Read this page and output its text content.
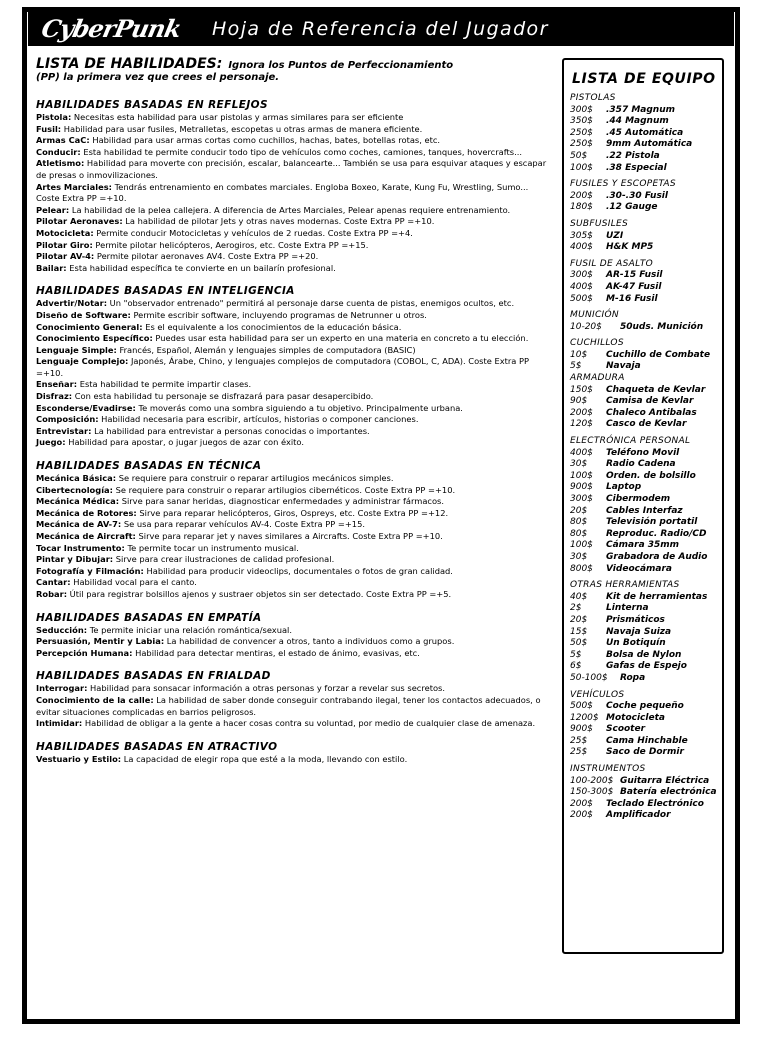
CyberPunk Hoja de Referencia del Jugador
LISTA DE HABILIDADES: Ignora los Puntos de Perfeccionamiento
(PP) la primera vez que crees el personaje.
HABILIDADES BASADAS EN REFLEJOS
Pistola: Necesitas esta habilidad para usar pistolas y armas similares para ser eficiente
Fusil: Habilidad para usar fusiles, Metralletas, escopetas u otras armas de manera eficiente.
Armas CaC: Habilidad para usar armas cortas como cuchillos, hachas, bates, botellas rotas, etc.
Conducir: Esta habilidad te permite conducir todo tipo de vehículos como coches, camiones, tanques, hovercrafts...
Atletismo: Habilidad para moverte con precisión, escalar, balancearte... También se usa para esquivar ataques y escapar de presas o inmovilizaciones.
Artes Marciales: Tendrás entrenamiento en combates marciales. Engloba Boxeo, Karate, Kung Fu, Wrestling, Sumo... Coste Extra PP =+10.
Pelear: La habilidad de la pelea callejera. A diferencia de Artes Marciales, Pelear apenas requiere entrenamiento.
Pilotar Aeronaves: La habilidad de pilotar Jets y otras naves modernas. Coste Extra PP =+10.
Motocicleta: Permite conducir Motocicletas y vehículos de 2 ruedas. Coste Extra PP =+4.
Pilotar Giro: Permite pilotar helicópteros, Aerogiros, etc. Coste Extra PP =+15.
Pilotar AV-4: Permite pilotar aeronaves AV4. Coste Extra PP =+20.
Bailar: Esta habilidad específica te convierte en un bailarín profesional.
HABILIDADES BASADAS EN INTELIGENCIA
Advertir/Notar: Un "observador entrenado" permitirá al personaje darse cuenta de pistas, enemigos ocultos, etc.
Diseño de Software: Permite escribir software, incluyendo programas de Netrunner u otros.
Conocimiento General: Es el equivalente a los conocimientos de la educación básica.
Conocimiento Específico: Puedes usar esta habilidad para ser un experto en una materia en concreto a tu elección.
Lenguaje Simple: Francés, Español, Alemán y lenguajes simples de computadora (BASIC)
Lenguaje Complejo: Japonés, Árabe, Chino, y lenguajes complejos de computadora (COBOL, C, ADA). Coste Extra PP =+10.
Enseñar: Esta habilidad te permite impartir clases.
Disfraz: Con esta habilidad tu personaje se disfrazará para pasar desapercibido.
Esconderse/Evadirse: Te moverás como una sombra siguiendo a tu objetivo. Principalmente urbana.
Composición: Habilidad necesaria para escribir, artículos, historias o componer canciones.
Entrevistar: La habilidad para entrevistar a personas conocidas o importantes.
Juego: Habilidad para apostar, o jugar juegos de azar con éxito.
HABILIDADES BASADAS EN TÉCNICA
Mecánica Básica: Se requiere para construir o reparar artilugios mecánicos simples.
Cibertecnología: Se requiere para construir o reparar artilugios cibernéticos. Coste Extra PP =+10.
Mecánica Médica: Sirve para sanar heridas, diagnosticar enfermedades y administrar fármacos.
Mecánica de Rotores: Sirve para reparar helicópteros, Giros, Ospreys, etc. Coste Extra PP =+12.
Mecánica de AV-7: Se usa para reparar vehículos AV-4. Coste Extra PP =+15.
Mecánica de Aircraft: Sirve para reparar jet y naves similares a Aircrafts. Coste Extra PP =+10.
Tocar Instrumento: Te permite tocar un instrumento musical.
Pintar y Dibujar: Sirve para crear ilustraciones de calidad profesional.
Fotografía y Filmación: Habilidad para producir videoclips, documentales o fotos de gran calidad.
Cantar: Habilidad vocal para el canto.
Robar: Útil para registrar bolsillos ajenos y sustraer objetos sin ser detectado. Coste Extra PP =+5.
HABILIDADES BASADAS EN EMPATÍA
Seducción: Te permite iniciar una relación romántica/sexual.
Persuasión, Mentir y Labia: La habilidad de convencer a otros, tanto a individuos como a grupos.
Percepción Humana: Habilidad para detectar mentiras, el estado de ánimo, evasivas, etc.
HABILIDADES BASADAS EN FRIALDAD
Interrogar: Habilidad para sonsacar información a otras personas y forzar a revelar sus secretos.
Conocimiento de la calle: La habilidad de saber donde conseguir contrabando ilegal, tener los contactos adecuados, o evitar situaciones complicadas en barrios peligrosos.
Intimidar: Habilidad de obligar a la gente a hacer cosas contra su voluntad, por medio de cualquier clase de amenaza.
HABILIDADES BASADAS EN ATRACTIVO
Vestuario y Estilo: La capacidad de elegir ropa que esté a la moda, llevando con estilo.
LISTA DE EQUIPO
PISTOLAS
300$	.357 Magnum
350$	.44 Magnum
250$	.45 Automática
250$	9mm Automática
50$	.22 Pistola
100$	.38 Especial
FUSILES Y ESCOPETAS
200$	.30-.30 Fusil
180$	.12 Gauge
SUBFUSILES
305$	UZI
400$	H&K MP5
FUSIL DE ASALTO
300$	AR-15 Fusil
400$	AK-47 Fusil
500$	M-16 Fusil
MUNICIÓN
10-20$	50uds. Munición
CUCHILLOS
10$	Cuchillo de Combate
5$	Navaja
ARMADURA
150$	Chaqueta de Kevlar
90$	Camisa de Kevlar
200$	Chaleco Antibalas
120$	Casco de Kevlar
ELECTRÓNICA PERSONAL
400$	Teléfono Movil
30$	Radio Cadena
100$	Orden. de bolsillo
900$	Laptop
300$	Cibermodem
20$	Cables Interfaz
80$	Televisión portatil
80$	Reproduc. Radio/CD
100$	Cámara 35mm
30$	Grabadora de Audio
800$	Videocámara
OTRAS HERRAMIENTAS
40$	Kit de herramientas
2$	Linterna
20$	Prismáticos
15$	Navaja Suiza
50$	Un Botiquín
5$	Bolsa de Nylon
6$	Gafas de Espejo
50-100$	Ropa
VEHÍCULOS
500$	Coche pequeño
1200$ Motocicleta
900$	Scooter
25$	Cama Hinchable
25$	Saco de Dormir
INSTRUMENTOS
100-200$ Guitarra Eléctrica
150-300$ Batería electrónica
200$	Teclado Electrónico
200$	Amplificador
